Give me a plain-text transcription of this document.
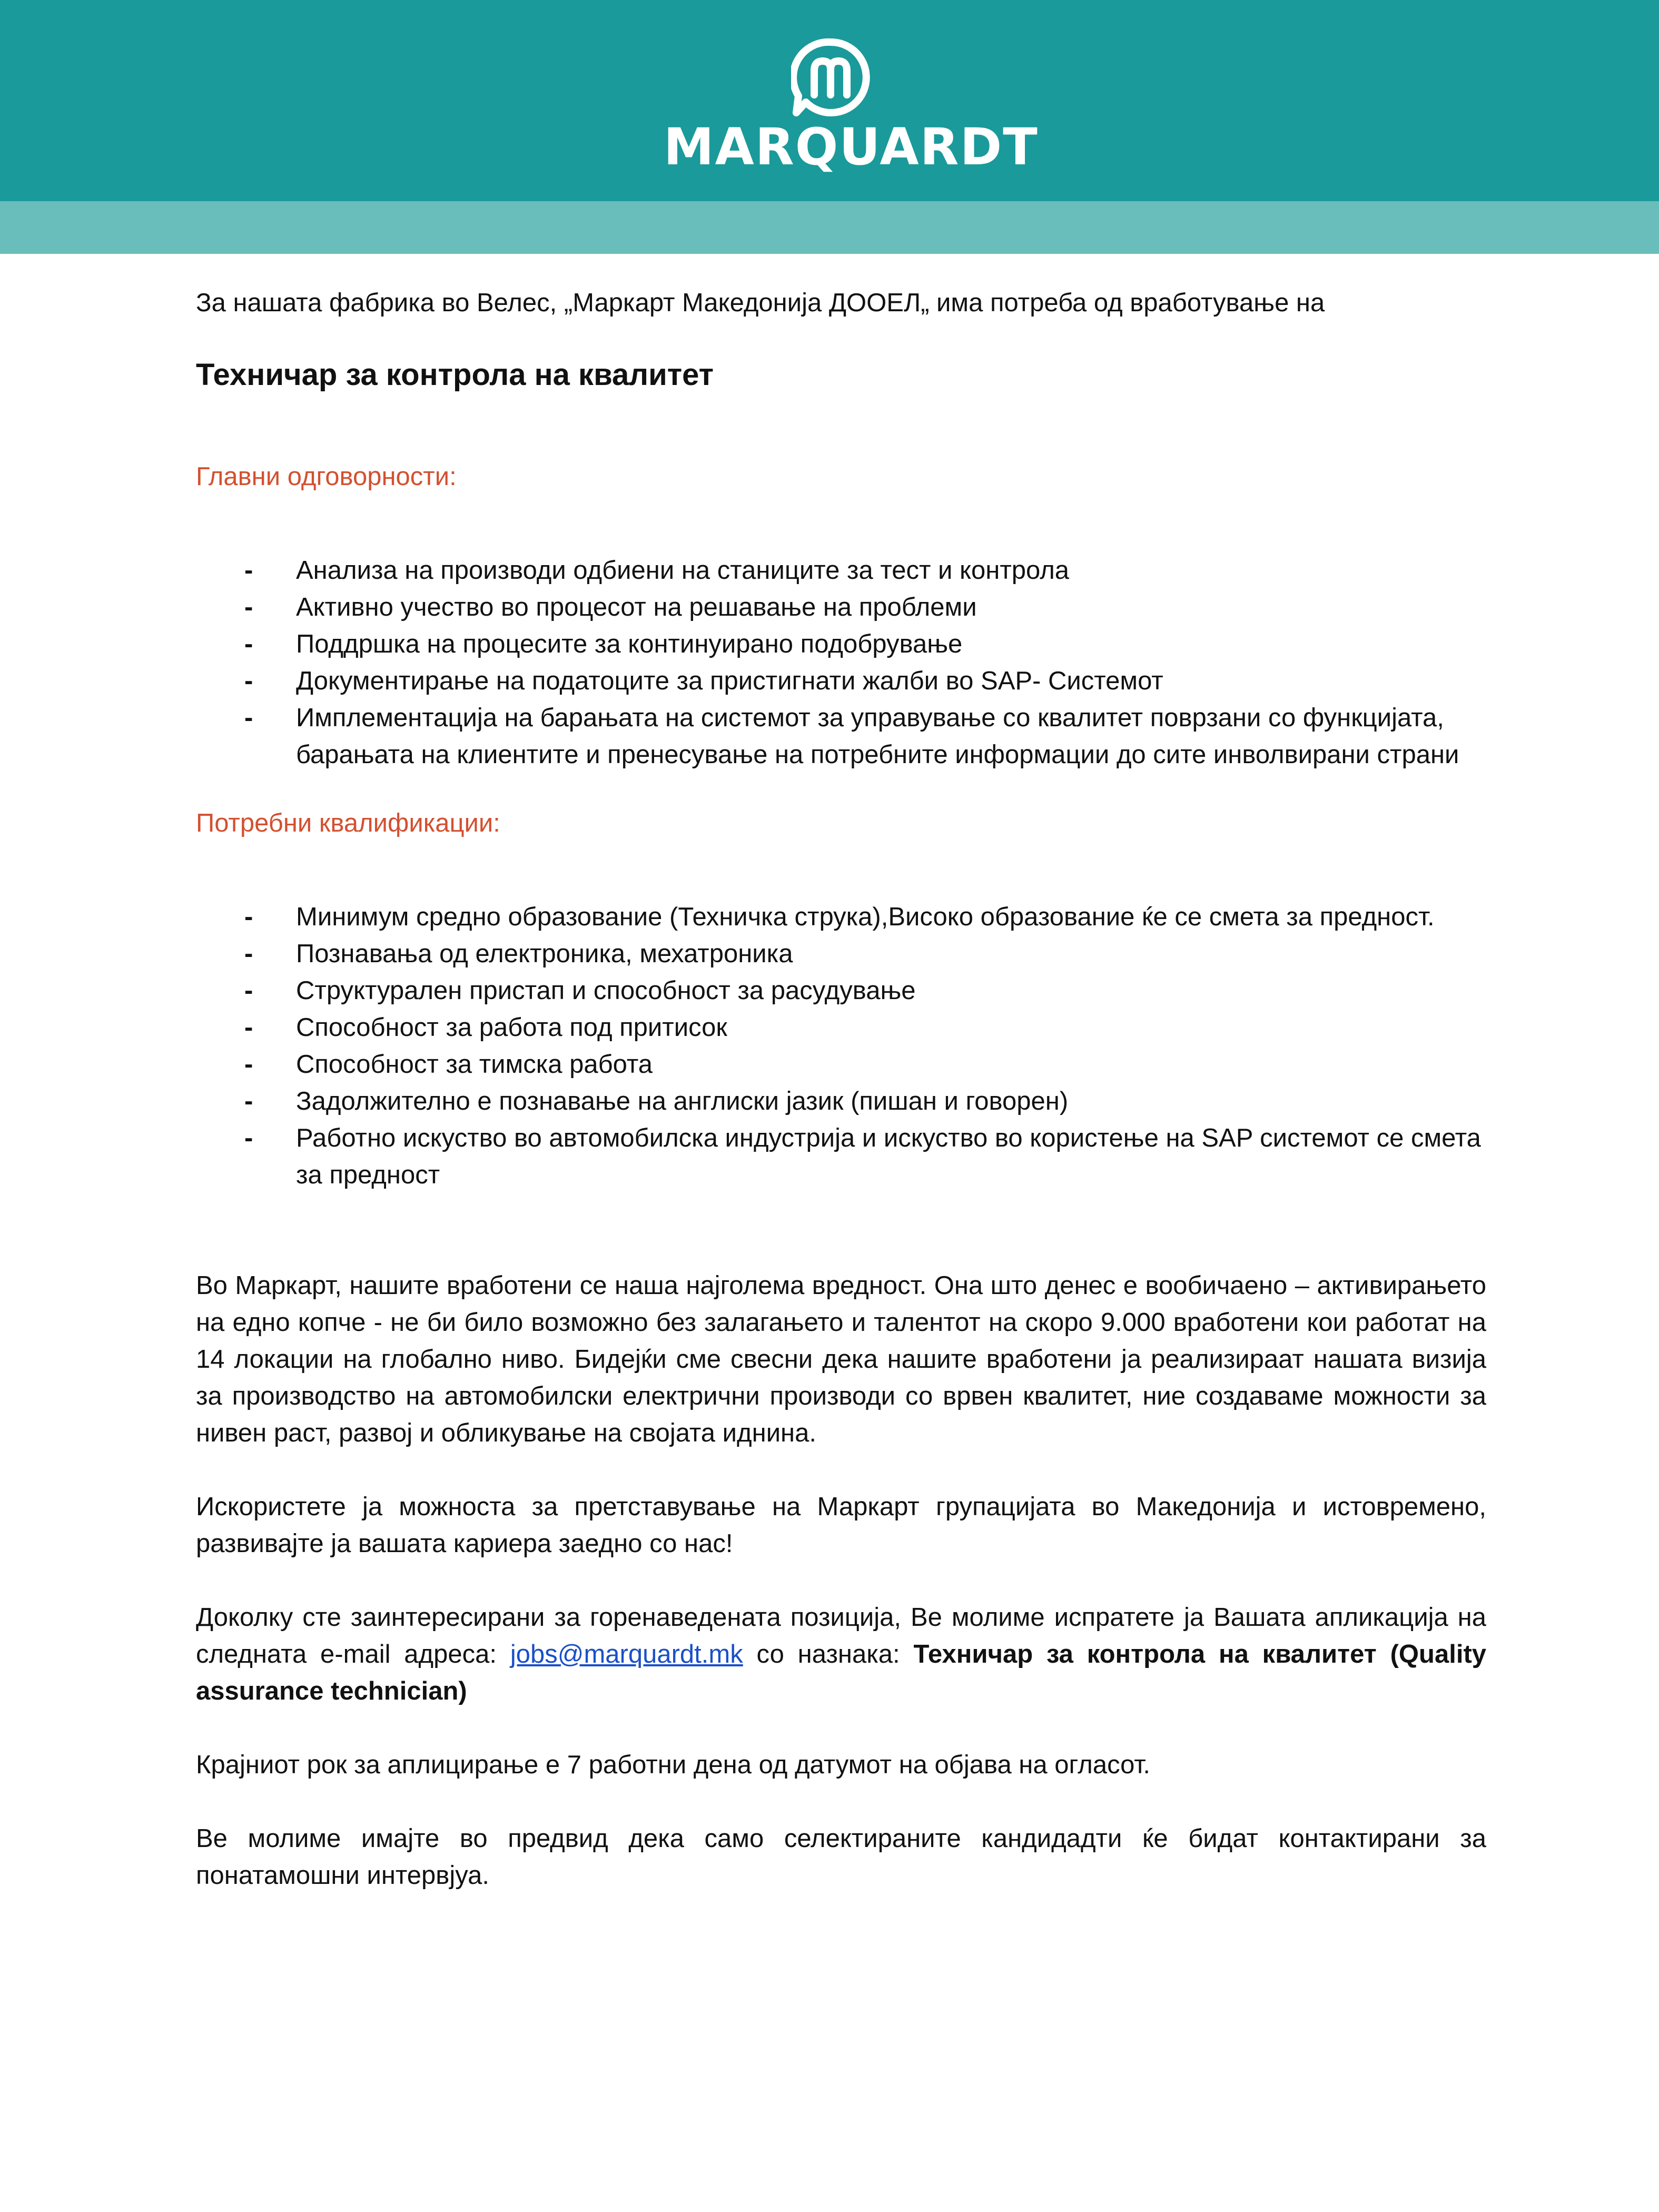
MARQUARDT

За нашата фабрика во Велес, „Маркарт Македонија ДООЕЛ„ има потреба од вработување на

Техничар за контрола на квалитет
Главни одговорности:
- Анализа на производи одбиени на станиците за тест и контрола
- Активно учество во процесот на решавање на проблеми
- Поддршка на процесите за континуирано подобрување
- Документирање на податоците за пристигнати жалби во SAP- Системот
- Имплементација на барањата на системот за управување со квалитет поврзани со функцијата, барањата на клиентите и пренесување на потребните информации до сите инволвирани страни
Потребни квалификации:
- Минимум средно образование (Техничка струка),Високо образование ќе се смета за предност.
- Познавања од електроника, мехатроника
- Структурален пристап и способност за расудување
- Способност за работа под притисок
- Способност за тимска работа
- Задолжително е познавање на англиски јазик (пишан и говорен)
- Работно искуство во автомобилска индустрија и искуство во користење на SAP системот се смета за предност

Во Маркарт, нашите вработени се наша најголема вредност. Она што денес е вообичаено – активирањето на едно копче - не би било возможно без залагањето и талентот на скоро 9.000 вработени кои работат на 14 локации на глобално ниво. Бидејќи сме свесни дека нашите вработени ја реализираат нашата визија за производство на автомобилски електрични производи со врвен квалитет, ние создаваме можности за нивен раст, развој и обликување на својата иднина.

Искористете ја можноста за претставување на Маркарт групацијата во Македонија и истовремено, развивајте ја вашата кариера заедно со нас!

Доколку сте заинтересирани за горенаведената позиција, Ве молиме испратете ја Вашата апликација на следната e-mail адреса: jobs@marquardt.mk со назнака: Техничар за контрола на квалитет (Quality assurance technician)

Крајниот рок за аплицирање е 7 работни дена од датумот на објава на огласот.

Ве молиме имајте во предвид дека само селектираните кандидадти ќе бидат контактирани за понатамошни интервјуа.
